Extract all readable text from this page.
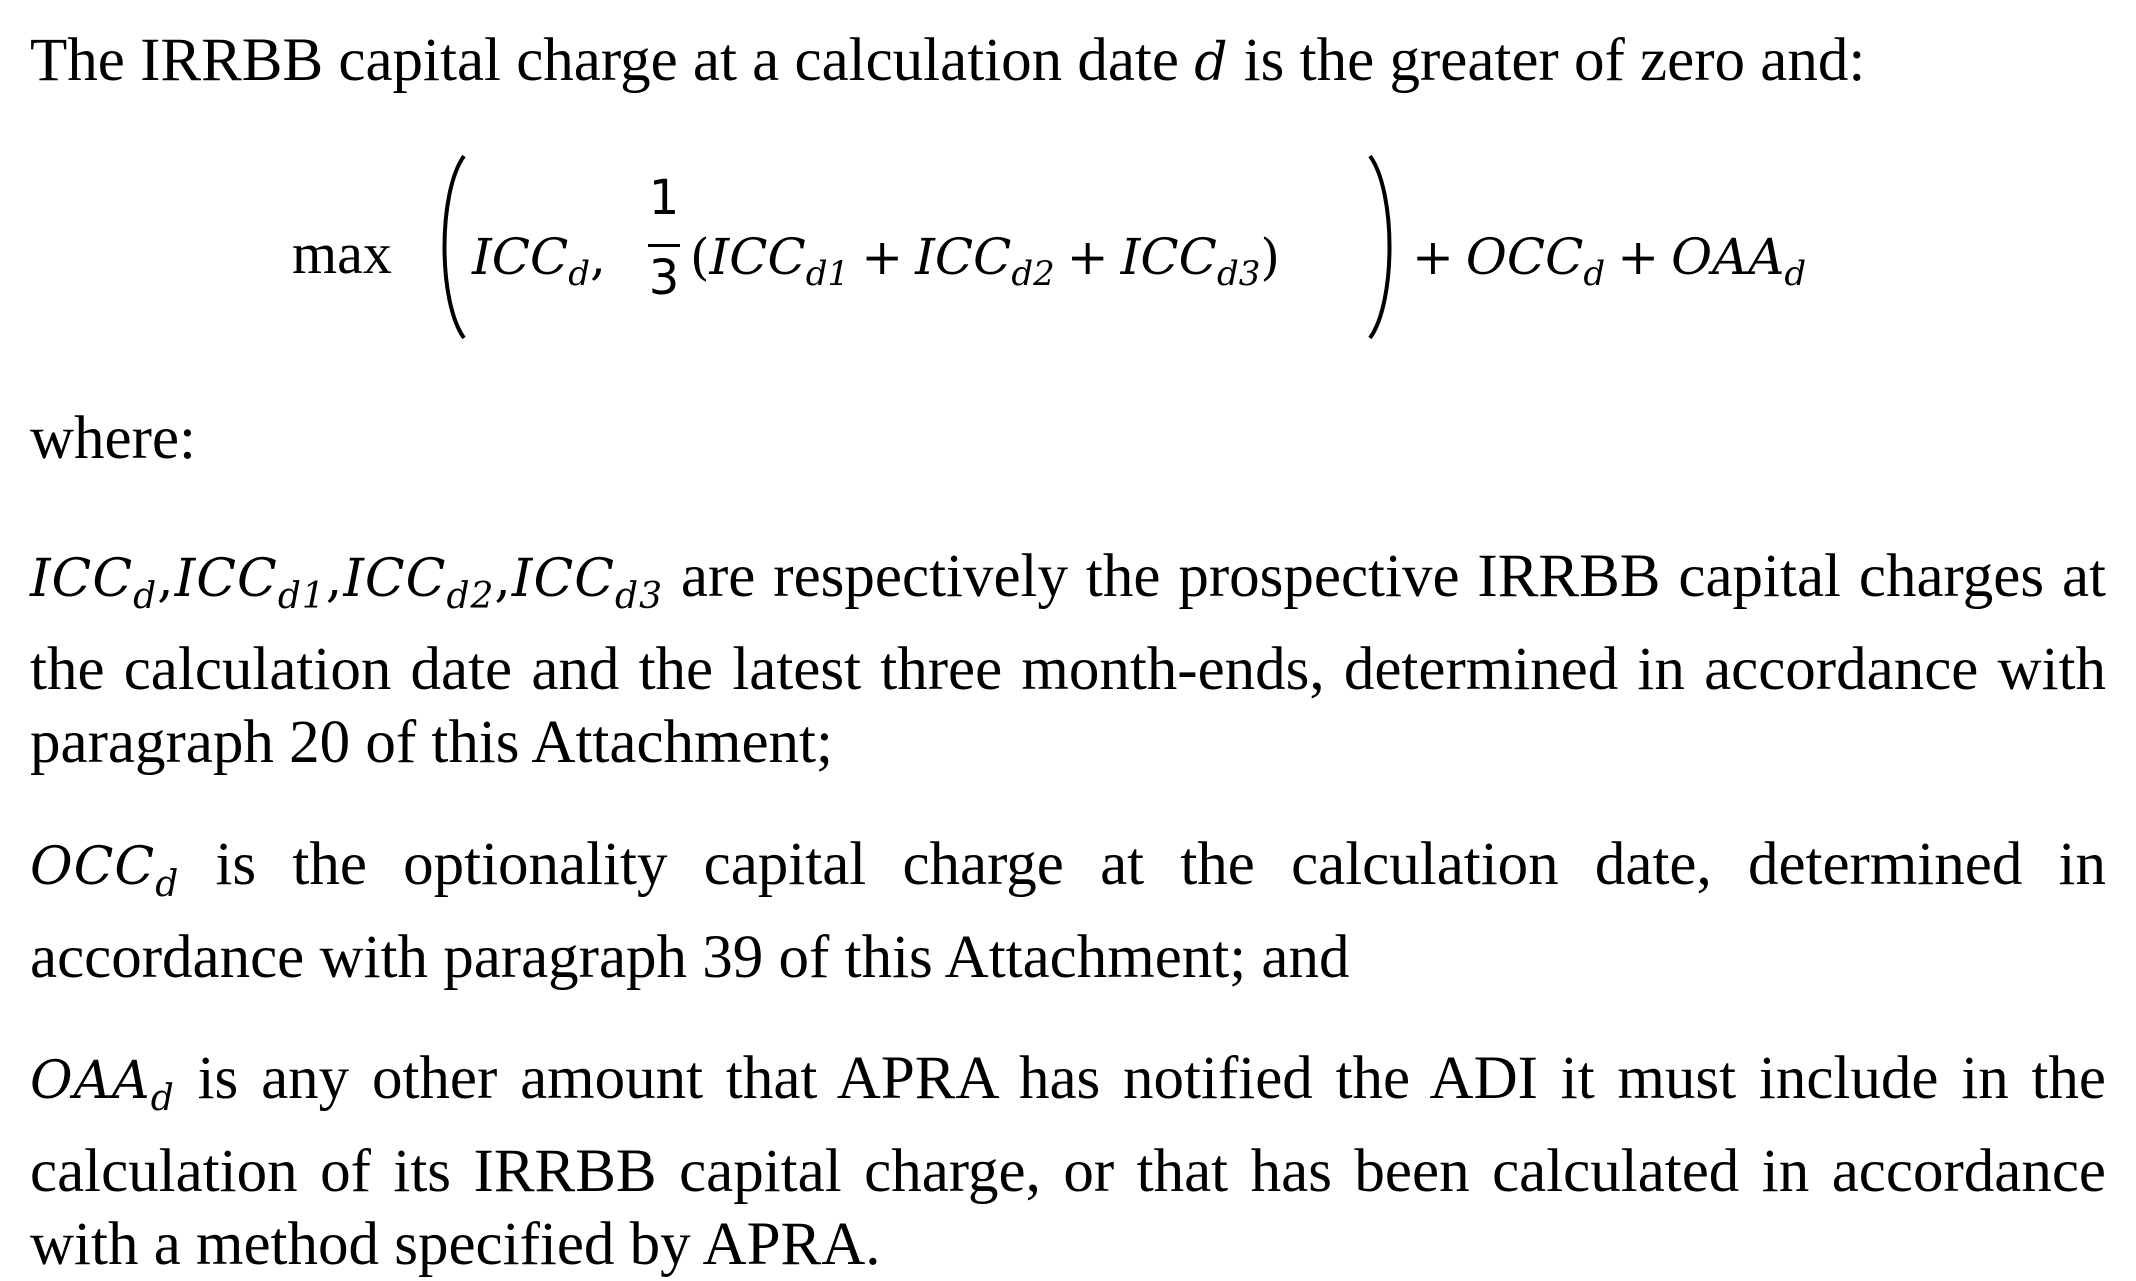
The IRRBB capital charge at a calculation date d is the greater of zero and:
$\max ICC_d$,
1
3 $(ICC_{d1} + ICC_{d2} + ICC_{d3})$	+ $OCC_d + OAA_d$
where:
$ICC_d,ICC_{d1},ICC_{d2},ICC_{d3}$ are respectively the prospective IRRBB capital charges at the calculation date and the latest three month-ends, determined in accordance with paragraph 20 of this Attachment;
$OCC_d$ is the optionality capital charge at the calculation date, determined in accordance with paragraph 39 of this Attachment; and
$OAA_d$ is any other amount that APRA has notified the ADI it must include in the calculation of its IRRBB capital charge, or that has been calculated in accordance with a method specified by APRA.
